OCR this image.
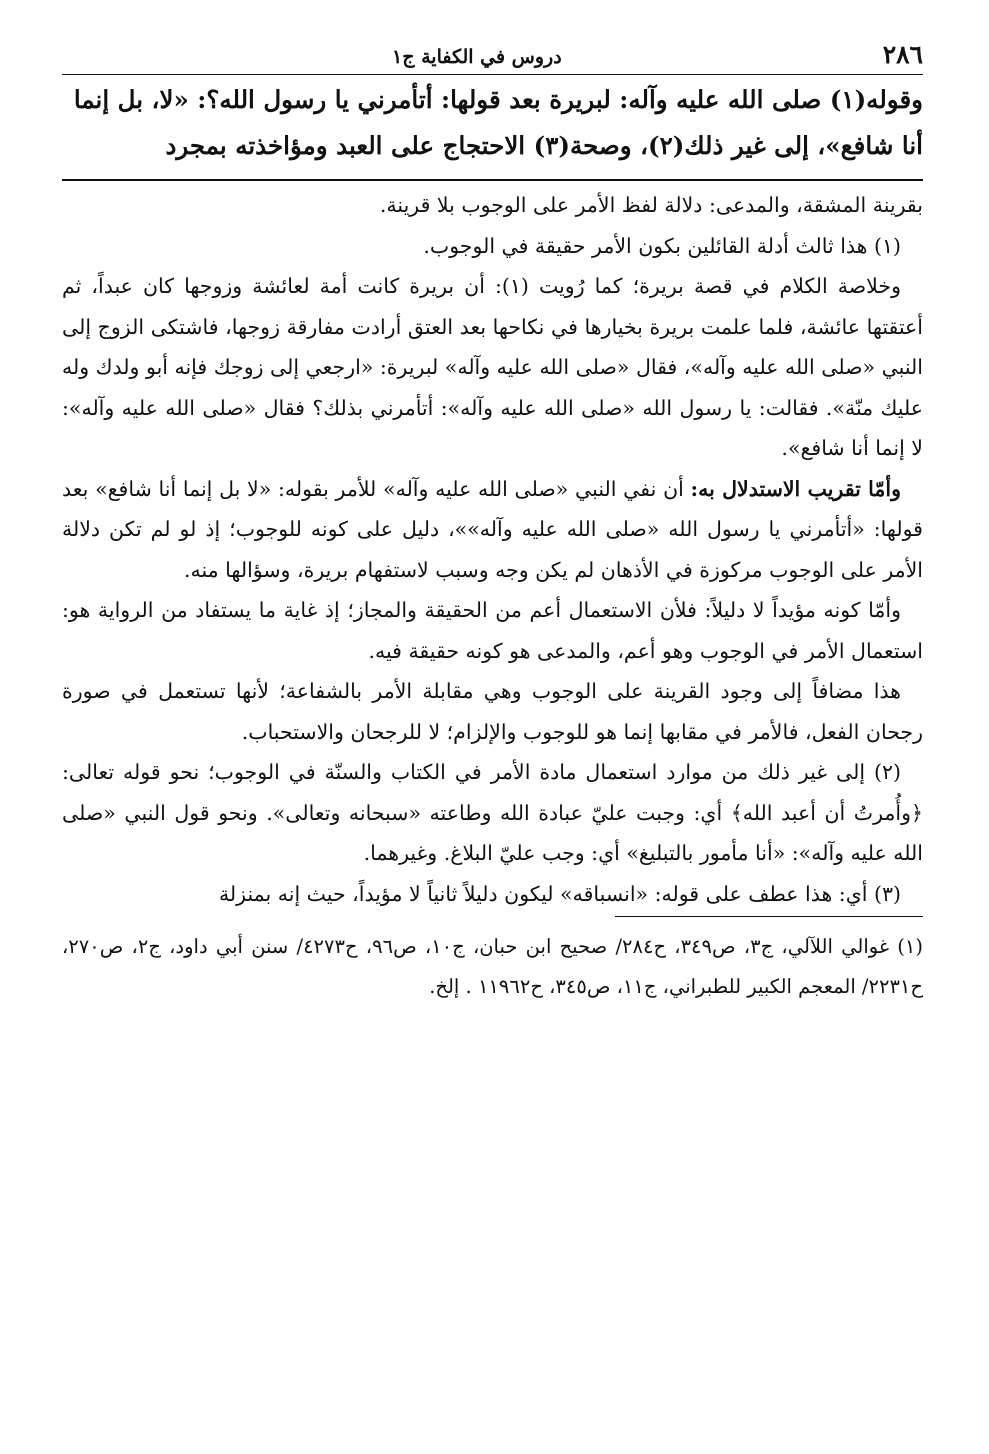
٢٨٦
دروس في الكفاية ج١
وقوله(١) صلى الله عليه وآله: لبريرة بعد قولها: أتأمرني يا رسول الله؟: «لا، بل إنما
أنا شافع»، إلى غير ذلك(٢)، وصحة(٣) الاحتجاج على العبد ومؤاخذته بمجرد

بقرينة المشقة، والمدعى: دلالة لفظ الأمر على الوجوب بلا قرينة.

(١) هذا ثالث أدلة القائلين بكون الأمر حقيقة في الوجوب.

وخلاصة الكلام في قصة بريرة؛ كما رُويت (١): أن بريرة كانت أمة لعائشة وزوجها كان عبداً، ثم أعتقتها عائشة، فلما علمت بريرة بخيارها في نكاحها بعد العتق أرادت مفارقة زوجها، فاشتكى الزوج إلى النبي «صلى الله عليه وآله»، فقال «صلى الله عليه وآله» لبريرة: «ارجعي إلى زوجك فإنه أبو ولدك وله عليك منّة». فقالت: يا رسول الله «صلى الله عليه وآله»: أتأمرني بذلك؟ فقال «صلى الله عليه وآله»: لا إنما أنا شافع».

وأمّا تقريب الاستدلال به: أن نفي النبي «صلى الله عليه وآله» للأمر بقوله: «لا بل إنما أنا شافع» بعد قولها: «أتأمرني يا رسول الله «صلى الله عليه وآله»»، دليل على كونه للوجوب؛ إذ لو لم تكن دلالة الأمر على الوجوب مركوزة في الأذهان لم يكن وجه وسبب لاستفهام بريرة، وسؤالها منه.

وأمّا كونه مؤيداً لا دليلاً: فلأن الاستعمال أعم من الحقيقة والمجاز؛ إذ غاية ما يستفاد من الرواية هو: استعمال الأمر في الوجوب وهو أعم، والمدعى هو كونه حقيقة فيه.

هذا مضافاً إلى وجود القرينة على الوجوب وهي مقابلة الأمر بالشفاعة؛ لأنها تستعمل في صورة رجحان الفعل، فالأمر في مقابها إنما هو للوجوب والإلزام؛ لا للرجحان والاستحباب.

(٢) إلى غير ذلك من موارد استعمال مادة الأمر في الكتاب والسنّة في الوجوب؛ نحو قوله تعالى: ﴿وأُمرتُ أن أعبد الله﴾ أي: وجبت عليّ عبادة الله وطاعته «سبحانه وتعالى». ونحو قول النبي «صلى الله عليه وآله»: «أنا مأمور بالتبليغ» أي: وجب عليّ البلاغ. وغيرهما.

(٣) أي: هذا عطف على قوله: «انسباقه» ليكون دليلاً ثانياً لا مؤيداً، حيث إنه بمنزلة

(١) غوالي اللآلي، ج٣، ص٣٤٩، ح٢٨٤/ صحيح ابن حبان، ج١٠، ص٩٦، ح٤٢٧٣/ سنن أبي داود، ج٢، ص٢٧٠، ح٢٢٣١/ المعجم الكبير للطبراني، ج١١، ص٣٤٥، ح١١٩٦٢ . إلخ.
